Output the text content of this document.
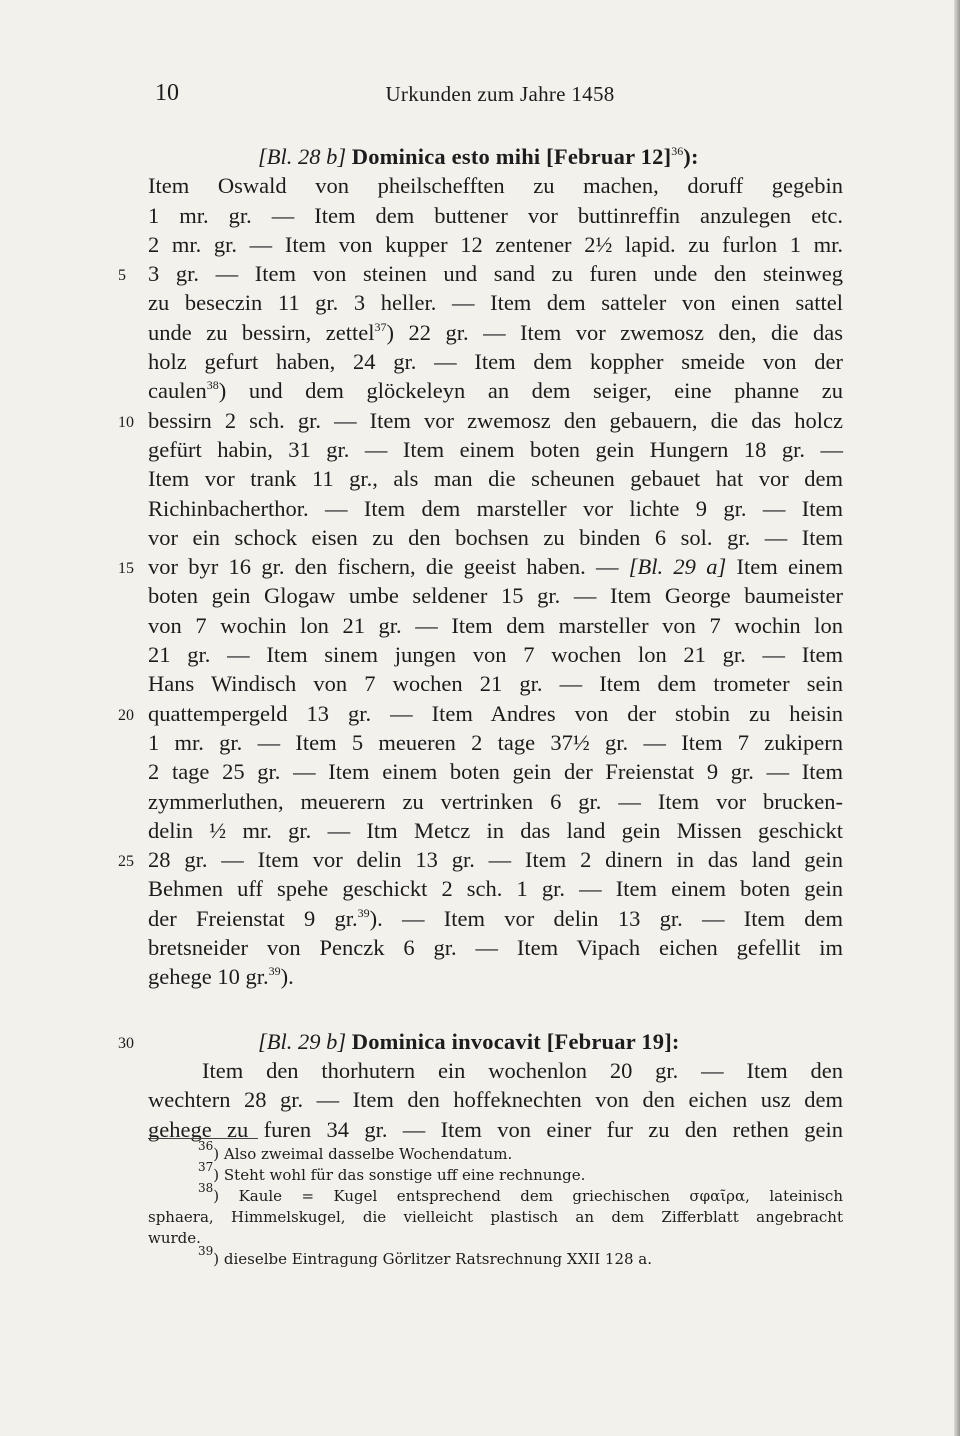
10	Urkunden zum Jahre 1458
[Bl. 28 b] Dominica esto mihi [Februar 12]$^{36}$):
Item Oswald von pheilschefften zu machen, doruff gegebin
1 mr. gr. — Item dem buttener vor buttinreffin anzulegen etc.
2 mr. gr. — Item von kupper 12 zentener 2½ lapid. zu furlon 1 mr.
5 3 gr. — Item von steinen und sand zu furen unde den steinweg
zu beseczin 11 gr. 3 heller. — Item dem satteler von einen sattel
unde zu bessirn, zettel$^{37}$) 22 gr. — Item vor zwemosz den, die das
holz gefurt haben, 24 gr. — Item dem koppher smeide von der
caulen$^{38}$) und dem glöckeleyn an dem seiger, eine phanne zu
10 bessirn 2 sch. gr. — Item vor zwemosz den gebauern, die das holcz
gefürt habin, 31 gr. — Item einem boten gein Hungern 18 gr. —
Item vor trank 11 gr., als man die scheunen gebauet hat vor dem
Richinbacherthor. — Item dem marsteller vor lichte 9 gr. — Item
vor ein schock eisen zu den bochsen zu binden 6 sol. gr. — Item
15 vor byr 16 gr. den fischern, die geeist haben. — [Bl. 29 a] Item einem
boten gein Glogaw umbe seldener 15 gr. — Item George baumeister
von 7 wochin lon 21 gr. — Item dem marsteller von 7 wochin lon
21 gr. — Item sinem jungen von 7 wochen lon 21 gr. — Item
Hans Windisch von 7 wochen 21 gr. — Item dem trometer sein
20 quattempergeld 13 gr. — Item Andres von der stobin zu heisin
1 mr. gr. — Item 5 meueren 2 tage 37½ gr. — Item 7 zukipern
2 tage 25 gr. — Item einem boten gein der Freienstat 9 gr. — Item
zymmerluthen, meuerern zu vertrinken 6 gr. — Item vor brucken-
delin ½ mr. gr. — Itm Metcz in das land gein Missen geschickt
25 28 gr. — Item vor delin 13 gr. — Item 2 dinern in das land gein
Behmen uff spehe geschickt 2 sch. 1 gr. — Item einem boten gein
der Freienstat 9 gr.$^{39}$). — Item vor delin 13 gr. — Item dem
bretsneider von Penczk 6 gr. — Item Vipach eichen gefellit im
gehege 10 gr.$^{39}$).
30	[Bl. 29 b] Dominica invocavit [Februar 19]:
Item den thorhutern ein wochenlon 20 gr. — Item den
wechtern 28 gr. — Item den hoffeknechten von den eichen usz dem
gehege zu furen 34 gr. — Item von einer fur zu den rethen gein
$^{36}$) Also zweimal dasselbe Wochendatum.
$^{37}$) Steht wohl für das sonstige uff eine rechnunge.
$^{38}$) Kaule = Kugel entsprechend dem griechischen σφαῖρα, lateinisch
sphaera, Himmelskugel, die vielleicht plastisch an dem Zifferblatt angebracht
wurde.
$^{39}$) dieselbe Eintragung Görlitzer Ratsrechnung XXII 128 a.
